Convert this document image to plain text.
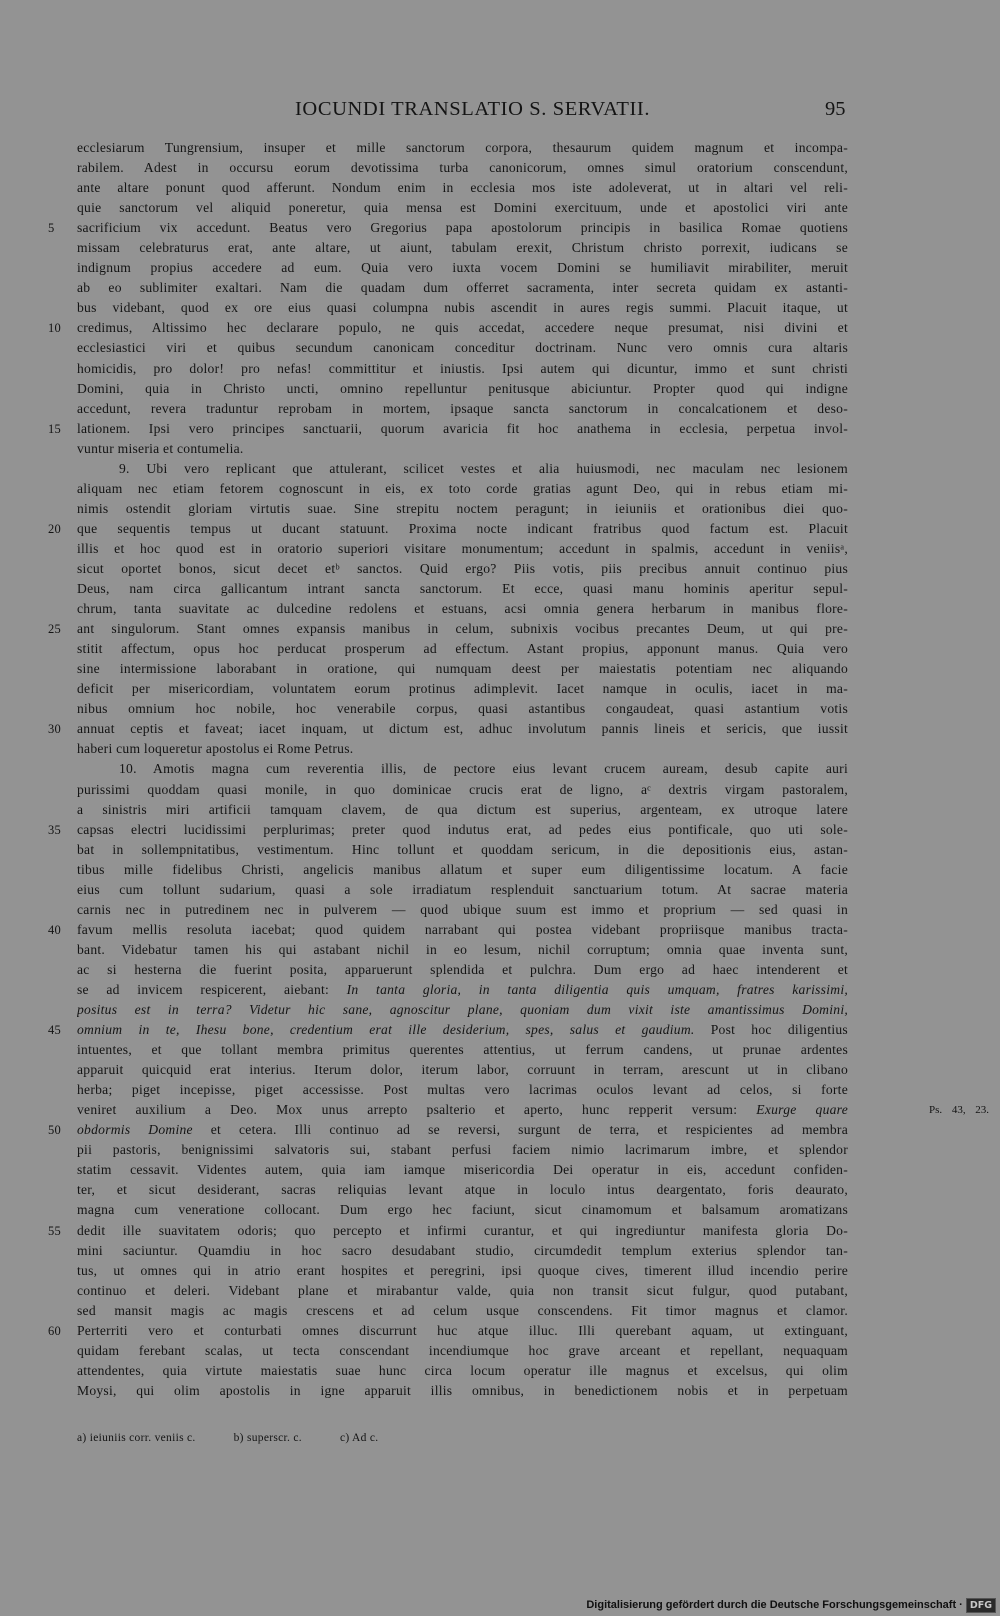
IOCUNDI TRANSLATIO S. SERVATII.	95
ecclesiarum Tungrensium, insuper et mille sanctorum corpora, thesaurum quidem magnum et incompa-
rabilem. Adest in occursu eorum devotissima turba canonicorum, omnes simul oratorium conscendunt,
ante altare ponunt quod afferunt. Nondum enim in ecclesia mos iste adoleverat, ut in altari vel reli-
quie sanctorum vel aliquid poneretur, quia mensa est Domini exercituum, unde et apostolici viri ante
5	sacrificium vix accedunt. Beatus vero Gregorius papa apostolorum principis in basilica Romae quotiens
missam celebraturus erat, ante altare, ut aiunt, tabulam erexit, Christum christo porrexit, iudicans se
indignum propius accedere ad eum. Quia vero iuxta vocem Domini se humiliavit mirabiliter, meruit
ab eo sublimiter exaltari. Nam die quadam dum offerret sacramenta, inter secreta quidam ex astanti-
bus videbant, quod ex ore eius quasi columpna nubis ascendit in aures regis summi. Placuit itaque, ut
10	credimus, Altissimo hec declarare populo, ne quis accedat, accedere neque presumat, nisi divini et
ecclesiastici viri et quibus secundum canonicam conceditur doctrinam. Nunc vero omnis cura altaris
homicidis, pro dolor! pro nefas! committitur et iniustis. Ipsi autem qui dicuntur, immo et sunt christi
Domini, quia in Christo uncti, omnino repelluntur penitusque abiciuntur. Propter quod qui indigne
accedunt, revera traduntur reprobam in mortem, ipsaque sancta sanctorum in concalcationem et deso-
15	lationem. Ipsi vero principes sanctuarii, quorum avaricia fit hoc anathema in ecclesia, perpetua invol-
vuntur miseria et contumelia.
9. Ubi vero replicant que attulerant, scilicet vestes et alia huiusmodi, nec maculam nec lesionem
aliquam nec etiam fetorem cognoscunt in eis, ex toto corde gratias agunt Deo, qui in rebus etiam mi-
nimis ostendit gloriam virtutis suae. Sine strepitu noctem peragunt; in ieiuniis et orationibus diei quo-
20	que sequentis tempus ut ducant statuunt. Proxima nocte indicant fratribus quod factum est. Placuit
illis et hoc quod est in oratorio superiori visitare monumentum; accedunt in spalmis, accedunt in veniisᵃ,
sicut oportet bonos, sicut decet etᵇ sanctos. Quid ergo? Piis votis, piis precibus annuit continuo pius
Deus, nam circa gallicantum intrant sancta sanctorum. Et ecce, quasi manu hominis aperitur sepul-
chrum, tanta suavitate ac dulcedine redolens et estuans, acsi omnia genera herbarum in manibus flore-
25	ant singulorum. Stant omnes expansis manibus in celum, subnixis vocibus precantes Deum, ut qui pre-
stitit affectum, opus hoc perducat prosperum ad effectum. Astant propius, apponunt manus. Quia vero
sine intermissione laborabant in oratione, qui numquam deest per maiestatis potentiam nec aliquando
deficit per misericordiam, voluntatem eorum protinus adimplevit. Iacet namque in oculis, iacet in ma-
nibus omnium hoc nobile, hoc venerabile corpus, quasi astantibus congaudeat, quasi astantium votis
30	annuat ceptis et faveat; iacet inquam, ut dictum est, adhuc involutum pannis lineis et sericis, que iussit
haberi cum loqueretur apostolus ei Rome Petrus.
10. Amotis magna cum reverentia illis, de pectore eius levant crucem auream, desub capite auri
purissimi quoddam quasi monile, in quo dominicae crucis erat de ligno, aᶜ dextris virgam pastoralem,
a sinistris miri artificii tamquam clavem, de qua dictum est superius, argenteam, ex utroque latere
35	capsas electri lucidissimi perplurimas; preter quod indutus erat, ad pedes eius pontificale, quo uti sole-
bat in sollempnitatibus, vestimentum. Hinc tollunt et quoddam sericum, in die depositionis eius, astan-
tibus mille fidelibus Christi, angelicis manibus allatum et super eum diligentissime locatum. A facie
eius cum tollunt sudarium, quasi a sole irradiatum resplenduit sanctuarium totum. At sacrae materia
carnis nec in putredinem nec in pulverem — quod ubique suum est immo et proprium — sed quasi in
40	favum mellis resoluta iacebat; quod quidem narrabant qui postea videbant propriisque manibus tracta-
bant. Videbatur tamen his qui astabant nichil in eo lesum, nichil corruptum; omnia quae inventa sunt,
ac si hesterna die fuerint posita, apparuerunt splendida et pulchra. Dum ergo ad haec intenderent et
se ad invicem respicerent, aiebant: In tanta gloria, in tanta diligentia quis umquam, fratres karissimi,
positus est in terra? Videtur hic sane, agnoscitur plane, quoniam dum vixit iste amantissimus Domini,
45	omnium in te, Ihesu bone, credentium erat ille desiderium, spes, salus et gaudium. Post hoc diligentius
intuentes, et que tollant membra primitus querentes attentius, ut ferrum candens, ut prunae ardentes
apparuit quicquid erat interius. Iterum dolor, iterum labor, corruunt in terram, arescunt ut in clibano
herba; piget incepisse, piget accessisse. Post multas vero lacrimas oculos levant ad celos, si forte
veniret auxilium a Deo. Mox unus arrepto psalterio et aperto, hunc repperit versum: Exurge quare	Ps. 43, 23.
50	obdormis Domine et cetera. Illi continuo ad se reversi, surgunt de terra, et respicientes ad membra
pii pastoris, benignissimi salvatoris sui, stabant perfusi faciem nimio lacrimarum imbre, et splendor
statim cessavit. Videntes autem, quia iam iamque misericordia Dei operatur in eis, accedunt confiden-
ter, et sicut desiderant, sacras reliquias levant atque in loculo intus deargentato, foris deaurato,
magna cum veneratione collocant. Dum ergo hec faciunt, sicut cinamomum et balsamum aromatizans
55	dedit ille suavitatem odoris; quo percepto et infirmi curantur, et qui ingrediuntur manifesta gloria Do-
mini saciuntur. Quamdiu in hoc sacro desudabant studio, circumdedit templum exterius splendor tan-
tus, ut omnes qui in atrio erant hospites et peregrini, ipsi quoque cives, timerent illud incendio perire
continuo et deleri. Videbant plane et mirabantur valde, quia non transit sicut fulgur, quod putabant,
sed mansit magis ac magis crescens et ad celum usque conscendens. Fit timor magnus et clamor.
60	Perterriti vero et conturbati omnes discurrunt huc atque illuc. Illi querebant aquam, ut extinguant,
quidam ferebant scalas, ut tecta conscendant incendiumque hoc grave arceant et repellant, nequaquam
attendentes, quia virtute maiestatis suae hunc circa locum operatur ille magnus et excelsus, qui olim
Moysi, qui olim apostolis in igne apparuit illis omnibus, in benedictionem nobis et in perpetuam
a) ieiuniis corr. veniis c.	b) superscr. c.	c) Ad c.
Digitalisierung gefördert durch die Deutsche Forschungsgemeinschaft · DFG
